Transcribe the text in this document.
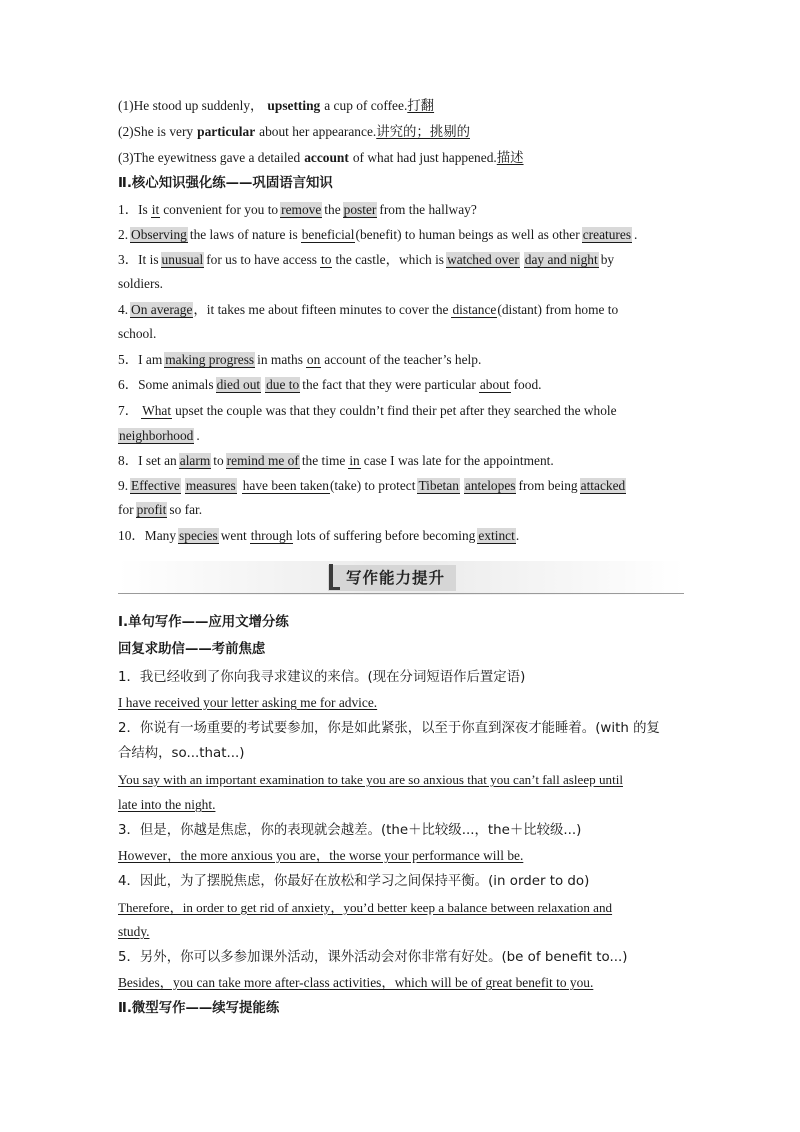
(1)He stood up suddenly， upsetting a cup of coffee.打翻
(2)She is very particular about her appearance.讲究的；挑剔的
(3)The eyewitness gave a detailed account of what had just happened.描述
Ⅱ.核心知识强化练——巩固语言知识
1．Is it convenient for you to remove the poster from the hallway?
2. Observing the laws of nature is beneficial(benefit) to human beings as well as other creatures .
3．It is unusual for us to have access to the castle，which is watched over day and night by
soldiers.
4. On average，it takes me about fifteen minutes to cover the distance(distant) from home to
school.
5．I am making progress in maths on account of the teacher’s help.
6．Some animals died out due to the fact that they were particular about food.
7． What upset the couple was that they couldn’t find their pet after they searched the whole
neighborhood .
8．I set an alarm to remind me of the time in case I was late for the appointment.
9. Effective measures have been taken(take) to protect Tibetan antelopes from being attacked
for profit so far.
10．Many species went through lots of suffering before becoming extinct.
写作能力提升
Ⅰ.单句写作——应用文增分练
回复求助信——考前焦虑
1．我已经收到了你向我寻求建议的来信。(现在分词短语作后置定语)
I have received your letter asking me for advice.
2．你说有一场重要的考试要参加，你是如此紧张，以至于你直到深夜才能睡着。(with 的复
合结构，so...that...)
You say with an important examination to take you are so anxious that you can’t fall asleep until
late into the night.
3．但是，你越是焦虑，你的表现就会越差。(the＋比较级...，the＋比较级...)
However，the more anxious you are，the worse your performance will be.
4．因此，为了摆脱焦虑，你最好在放松和学习之间保持平衡。(in order to do)
Therefore，in order to get rid of anxiety，you’d better keep a balance between relaxation and
study.
5．另外，你可以多参加课外活动，课外活动会对你非常有好处。(be of benefit to...)
Besides，you can take more after-class activities，which will be of great benefit to you.
Ⅱ.微型写作——续写提能练
